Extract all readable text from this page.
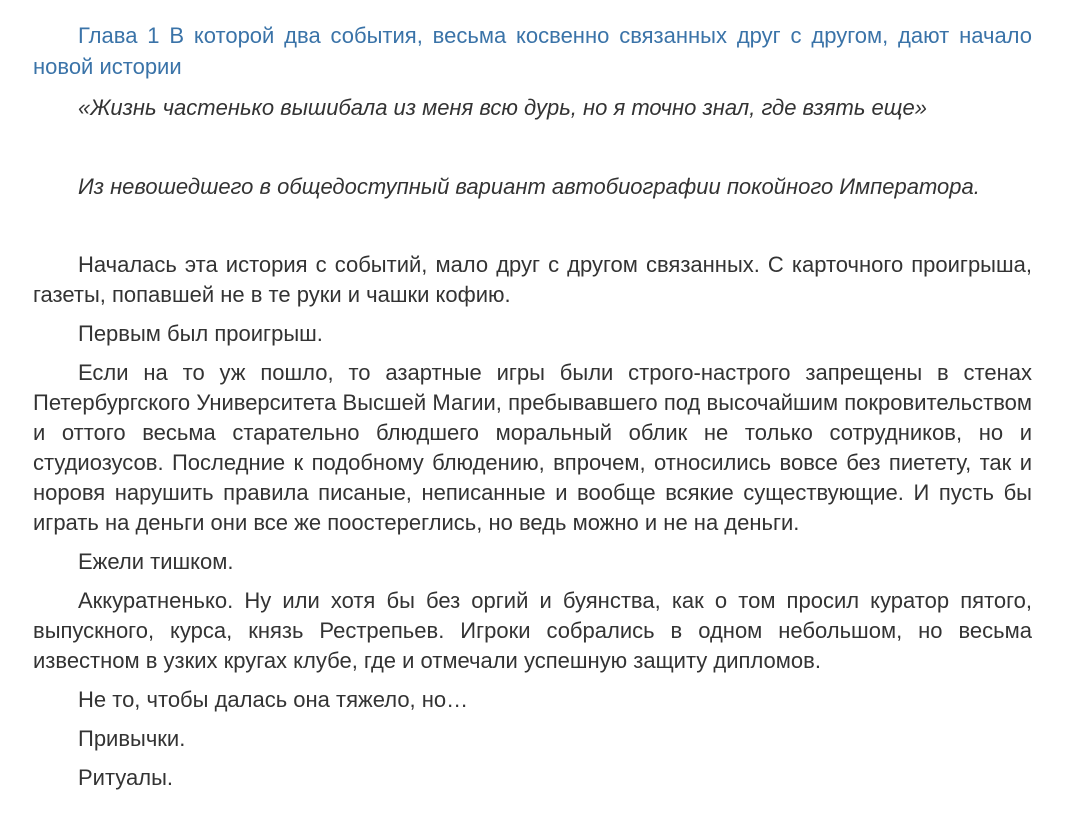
Глава 1 В которой два события, весьма косвенно связанных друг с другом, дают начало новой истории

«Жизнь частенько вышибала из меня всю дурь, но я точно знал, где взять еще»

Из невошедшего в общедоступный вариант автобиографии покойного Императора.

Началась эта история с событий, мало друг с другом связанных. С карточного проигрыша, газеты, попавшей не в те руки и чашки кофию.

Первым был проигрыш.

Если на то уж пошло, то азартные игры были строго-настрого запрещены в стенах Петербургского Университета Высшей Магии, пребывавшего под высочайшим покровительством и оттого весьма старательно блюдшего моральный облик не только сотрудников, но и студиозусов. Последние к подобному блюдению, впрочем, относились вовсе без пиетету, так и норовя нарушить правила писаные, неписанные и вообще всякие существующие. И пусть бы играть на деньги они все же поостереглись, но ведь можно и не на деньги.

Ежели тишком.

Аккуратненько. Ну или хотя бы без оргий и буянства, как о том просил куратор пятого, выпускного, курса, князь Рестрепьев. Игроки собрались в одном небольшом, но весьма известном в узких кругах клубе, где и отмечали успешную защиту дипломов.

Не то, чтобы далась она тяжело, но…

Привычки.

Ритуалы.
